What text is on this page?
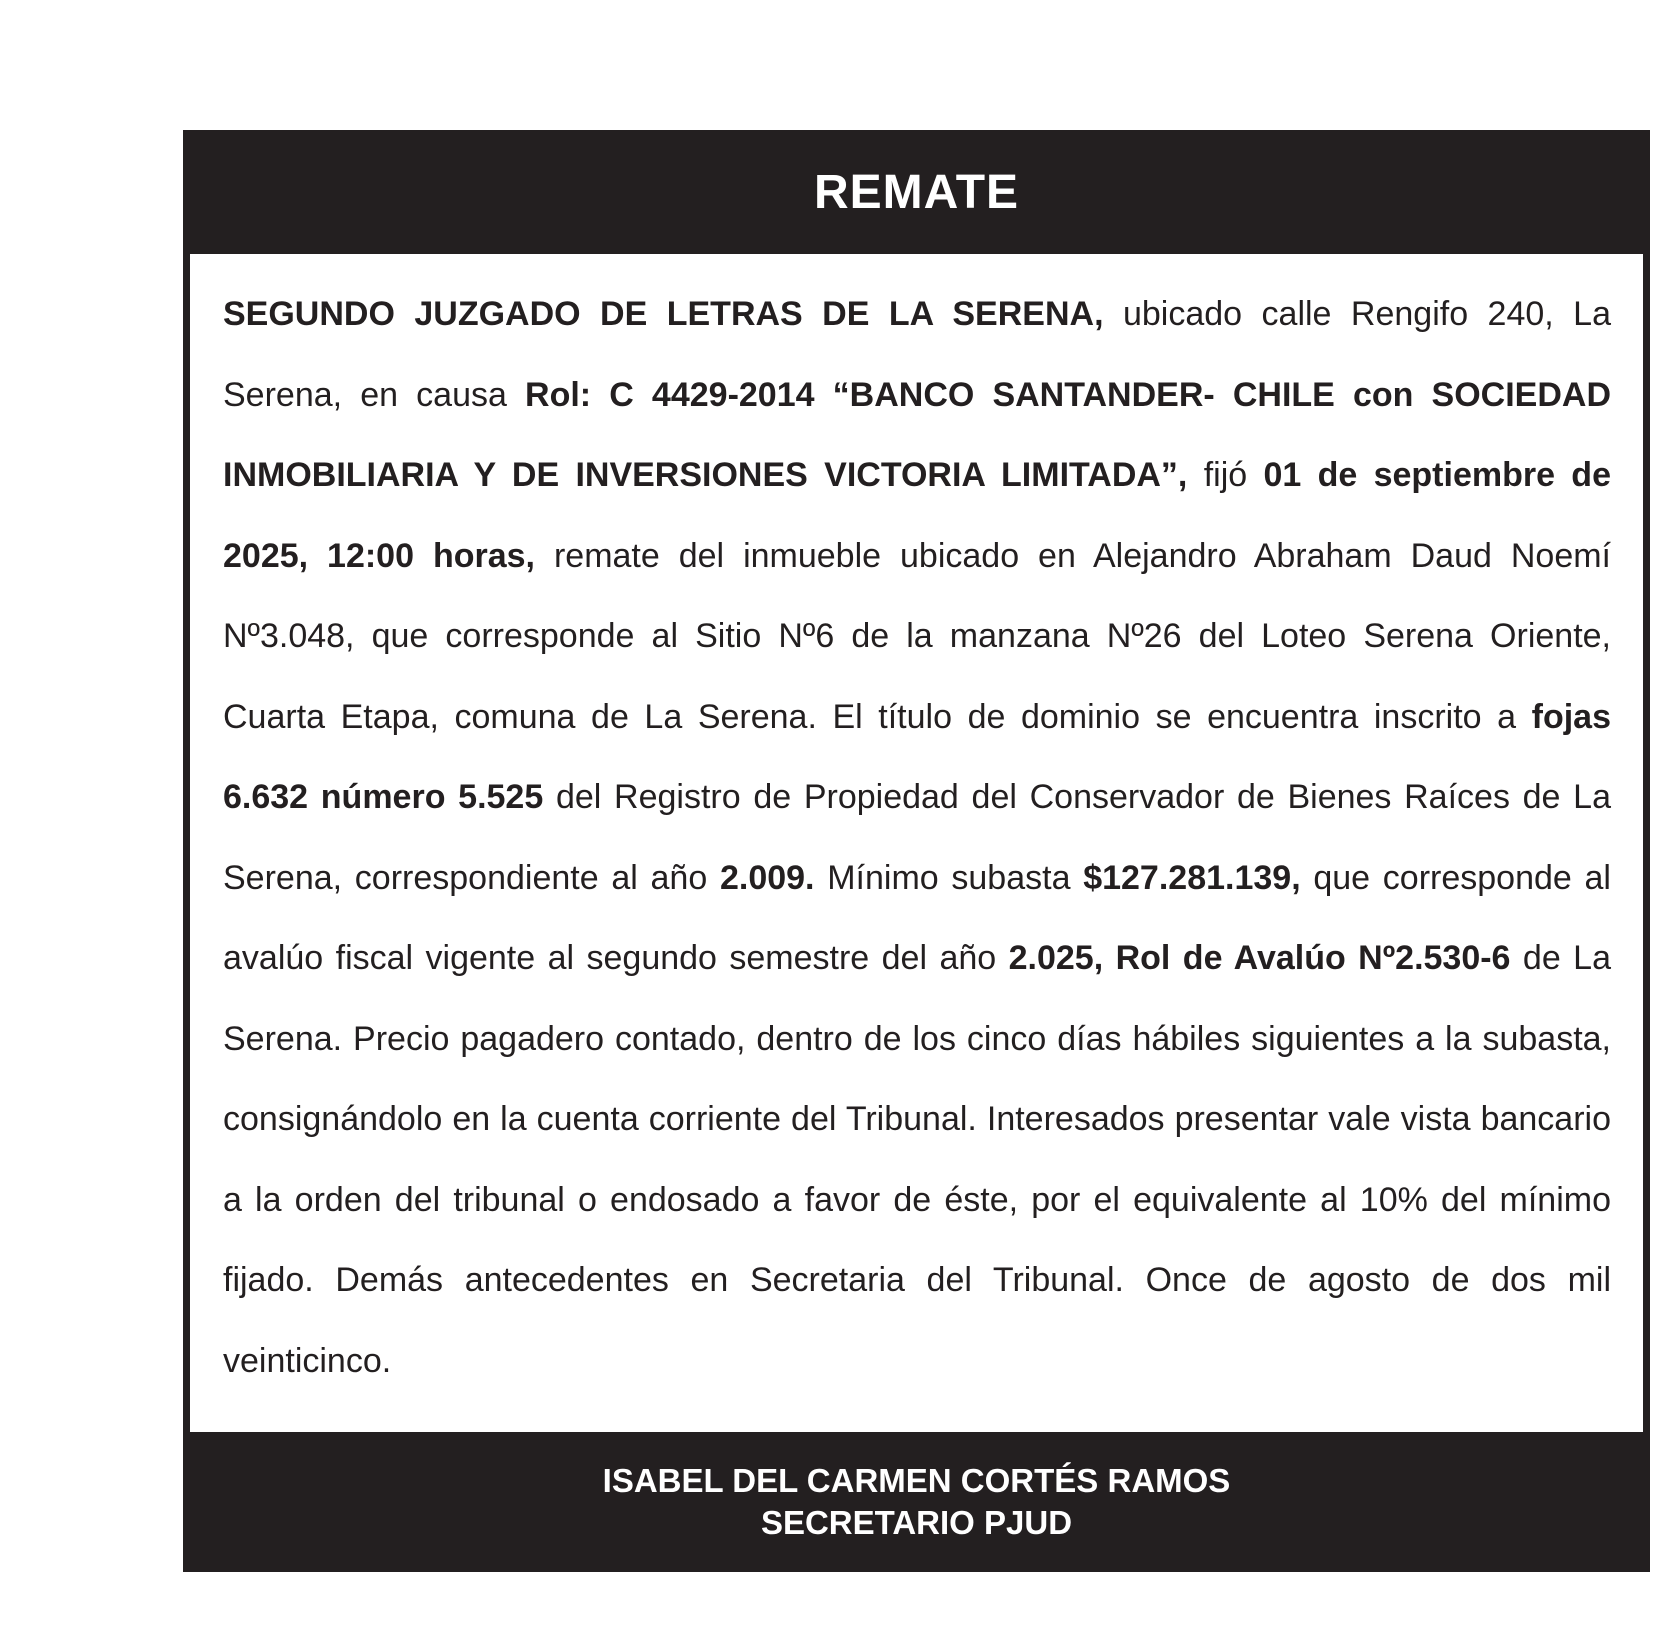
REMATE

SEGUNDO JUZGADO DE LETRAS DE LA SERENA, ubicado calle Rengifo 240, La Serena, en causa Rol: C 4429-2014 “BANCO SANTANDER- CHILE con SOCIEDAD INMOBILIARIA Y DE INVERSIONES VICTORIA LIMITADA”, fijó 01 de septiembre de 2025, 12:00 horas, remate del inmueble ubicado en Alejandro Abraham Daud Noemí Nº3.048, que corresponde al Sitio Nº6 de la manzana Nº26 del Loteo Serena Oriente, Cuarta Etapa, comuna de La Serena. El título de dominio se encuentra inscrito a fojas 6.632 número 5.525 del Registro de Propiedad del Conservador de Bienes Raíces de La Serena, correspondiente al año 2.009. Mínimo subasta $127.281.139, que corresponde al avalúo fiscal vigente al segundo semestre del año 2.025, Rol de Avalúo Nº2.530-6 de La Serena. Precio pagadero contado, dentro de los cinco días hábiles siguientes a la subasta, consignándolo en la cuenta corriente del Tribunal. Interesados presentar vale vista bancario a la orden del tribunal o endosado a favor de éste, por el equivalente al 10% del mínimo fijado. Demás antecedentes en Secretaria del Tribunal. Once de agosto de dos mil veinticinco.

ISABEL DEL CARMEN CORTÉS RAMOS
SECRETARIO PJUD
